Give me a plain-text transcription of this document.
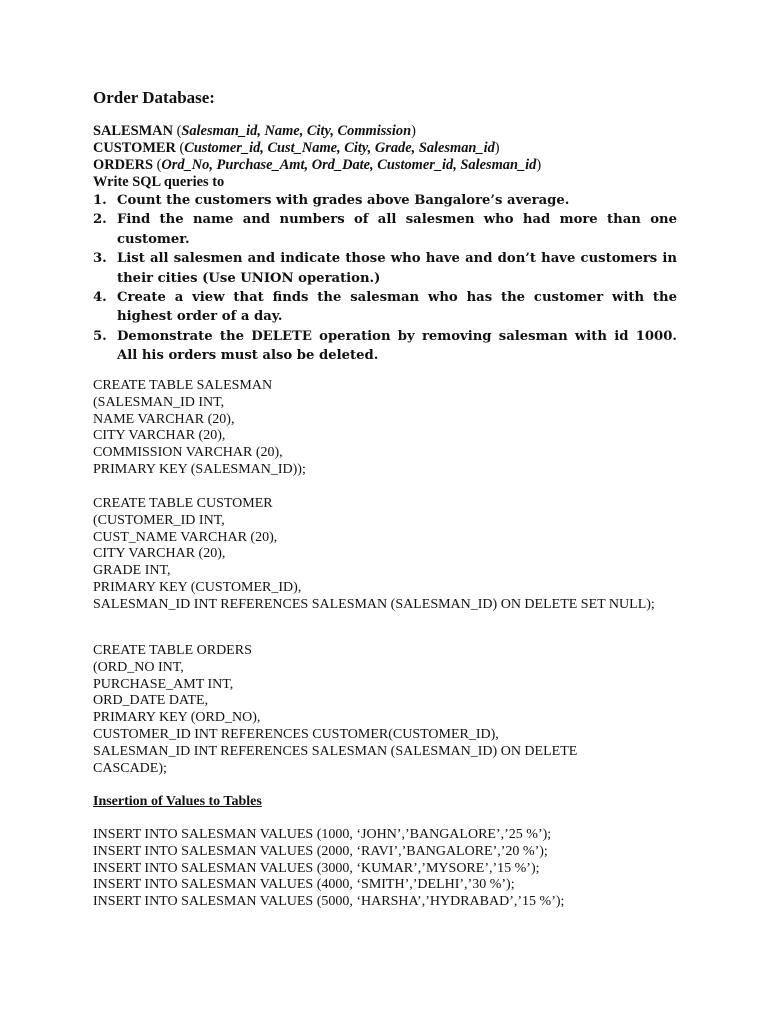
Order Database:
SALESMAN (Salesman_id, Name, City, Commission)
CUSTOMER (Customer_id, Cust_Name, City, Grade, Salesman_id)
ORDERS (Ord_No, Purchase_Amt, Ord_Date, Customer_id, Salesman_id)
Write SQL queries to
1. Count the customers with grades above Bangalore’s average.
2. Find the name and numbers of all salesmen who had more than one customer.
3. List all salesmen and indicate those who have and don’t have customers in their cities (Use UNION operation.)
4. Create a view that finds the salesman who has the customer with the highest order of a day.
5. Demonstrate the DELETE operation by removing salesman with id 1000. All his orders must also be deleted.
CREATE TABLE SALESMAN
(SALESMAN_ID INT,
NAME VARCHAR (20),
CITY VARCHAR (20),
COMMISSION VARCHAR (20),
PRIMARY KEY (SALESMAN_ID));
CREATE TABLE CUSTOMER
(CUSTOMER_ID INT,
CUST_NAME VARCHAR (20),
CITY VARCHAR (20),
GRADE INT,
PRIMARY KEY (CUSTOMER_ID),
SALESMAN_ID INT REFERENCES SALESMAN (SALESMAN_ID) ON DELETE SET NULL);
CREATE TABLE ORDERS
(ORD_NO INT,
PURCHASE_AMT INT,
ORD_DATE DATE,
PRIMARY KEY (ORD_NO),
CUSTOMER_ID INT REFERENCES CUSTOMER(CUSTOMER_ID),
SALESMAN_ID INT REFERENCES SALESMAN (SALESMAN_ID) ON DELETE
CASCADE);
Insertion of Values to Tables
INSERT INTO SALESMAN VALUES (1000, ‘JOHN’,’BANGALORE’,’25 %’);
INSERT INTO SALESMAN VALUES (2000, ‘RAVI’,’BANGALORE’,’20 %’);
INSERT INTO SALESMAN VALUES (3000, ‘KUMAR’,’MYSORE’,’15 %’);
INSERT INTO SALESMAN VALUES (4000, ‘SMITH’,’DELHI’,’30 %’);
INSERT INTO SALESMAN VALUES (5000, ‘HARSHA’,’HYDRABAD’,’15 %’);
